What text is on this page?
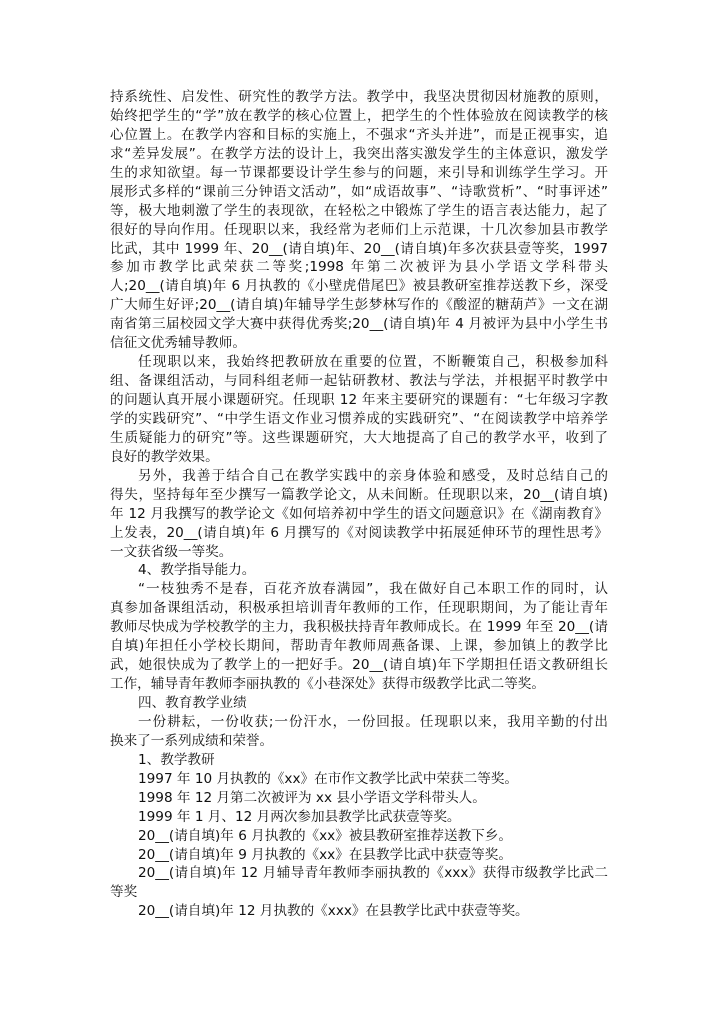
持系统性、启发性、研究性的教学方法。教学中，我坚决贯彻因材施教的原则，
始终把学生的“学”放在教学的核心位置上，把学生的个性体验放在阅读教学的核
心位置上。在教学内容和目标的实施上，不强求“齐头并进”，而是正视事实，追
求“差异发展”。在教学方法的设计上，我突出落实激发学生的主体意识，激发学
生的求知欲望。每一节课都要设计学生参与的问题，来引导和训练学生学习。开
展形式多样的“课前三分钟语文活动”，如“成语故事”、“诗歌赏析”、“时事评述”
等，极大地刺激了学生的表现欲，在轻松之中锻炼了学生的语言表达能力，起了
很好的导向作用。任现职以来，我经常为老师们上示范课，十几次参加县市教学
比武，其中 1999 年、20__(请自填)年、20__(请自填)年多次获县壹等奖，1997
参加市教学比武荣获二等奖;1998 年第二次被评为县小学语文学科带头
人;20__(请自填)年 6 月执教的《小壁虎借尾巴》被县教研室推荐送教下乡，深受
广大师生好评;20__(请自填)年辅导学生彭梦林写作的《酸涩的糖葫芦》一文在湖
南省第三届校园文学大赛中获得优秀奖;20__(请自填)年 4 月被评为县中小学生书
信征文优秀辅导教师。
任现职以来，我始终把教研放在重要的位置，不断鞭策自己，积极参加科
组、备课组活动，与同科组老师一起钻研教材、教法与学法，并根据平时教学中
的问题认真开展小课题研究。任现职 12 年来主要研究的课题有：“七年级习字教
学的实践研究”、“中学生语文作业习惯养成的实践研究”、“在阅读教学中培养学
生质疑能力的研究”等。这些课题研究，大大地提高了自己的教学水平，收到了
良好的教学效果。
另外，我善于结合自己在教学实践中的亲身体验和感受，及时总结自己的
得失，坚持每年至少撰写一篇教学论文，从未间断。任现职以来，20__(请自填)
年 12 月我撰写的教学论文《如何培养初中学生的语文问题意识》在《湖南教育》
上发表，20__(请自填)年 6 月撰写的《对阅读教学中拓展延伸环节的理性思考》
一文获省级一等奖。
4、教学指导能力。
“一枝独秀不是春，百花齐放春满园”，我在做好自己本职工作的同时，认
真参加备课组活动，积极承担培训青年教师的工作，任现职期间，为了能让青年
教师尽快成为学校教学的主力，我积极扶持青年教师成长。在 1999 年至 20__(请
自填)年担任小学校长期间，帮助青年教师周燕备课、上课，参加镇上的教学比
武，她很快成为了教学上的一把好手。20__(请自填)年下学期担任语文教研组长
工作，辅导青年教师李丽执教的《小巷深处》获得市级教学比武二等奖。
四、教育教学业绩
一份耕耘，一份收获;一份汗水，一份回报。任现职以来，我用辛勤的付出
换来了一系列成绩和荣誉。
1、教学教研
1997 年 10 月执教的《xx》在市作文教学比武中荣获二等奖。
1998 年 12 月第二次被评为 xx 县小学语文学科带头人。
1999 年 1 月、12 月两次参加县教学比武获壹等奖。
20__(请自填)年 6 月执教的《xx》被县教研室推荐送教下乡。
20__(请自填)年 9 月执教的《xx》在县教学比武中获壹等奖。
20__(请自填)年 12 月辅导青年教师李丽执教的《xxx》获得市级教学比武二
等奖
20__(请自填)年 12 月执教的《xxx》在县教学比武中获壹等奖。
